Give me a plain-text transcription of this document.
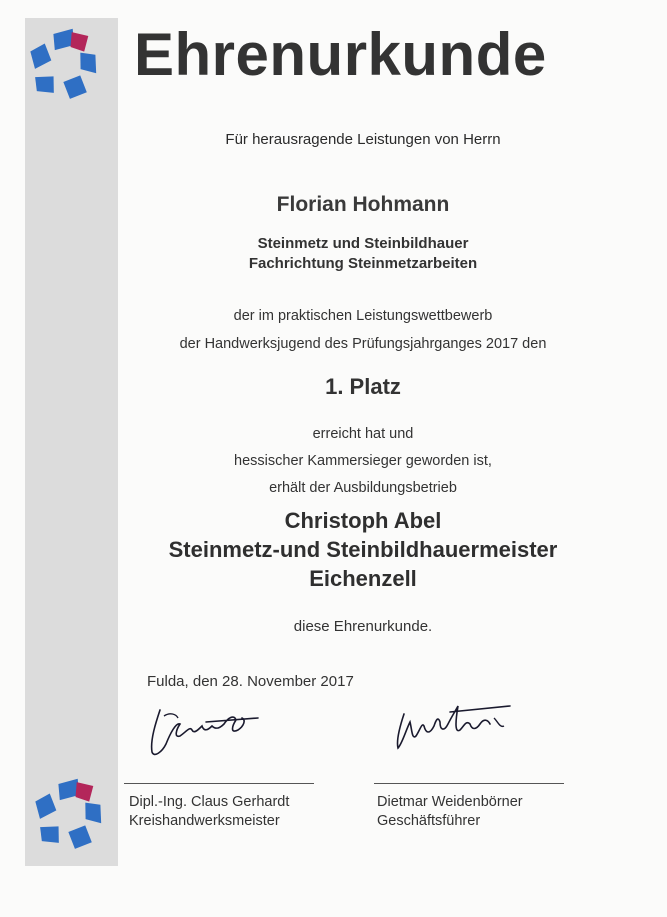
Ehrenurkunde
Für herausragende Leistungen von Herrn
Florian Hohmann
Steinmetz und Steinbildhauer
Fachrichtung Steinmetzarbeiten
der im praktischen Leistungswettbewerb
der Handwerksjugend des Prüfungsjahrganges 2017 den
1. Platz
erreicht hat und
hessischer Kammersieger geworden ist,
erhält der Ausbildungsbetrieb
Christoph Abel
Steinmetz-und Steinbildhauermeister
Eichenzell
diese Ehrenurkunde.
Fulda, den 28. November 2017
Dipl.-Ing. Claus Gerhardt
Kreishandwerksmeister
Dietmar Weidenbörner
Geschäftsführer
